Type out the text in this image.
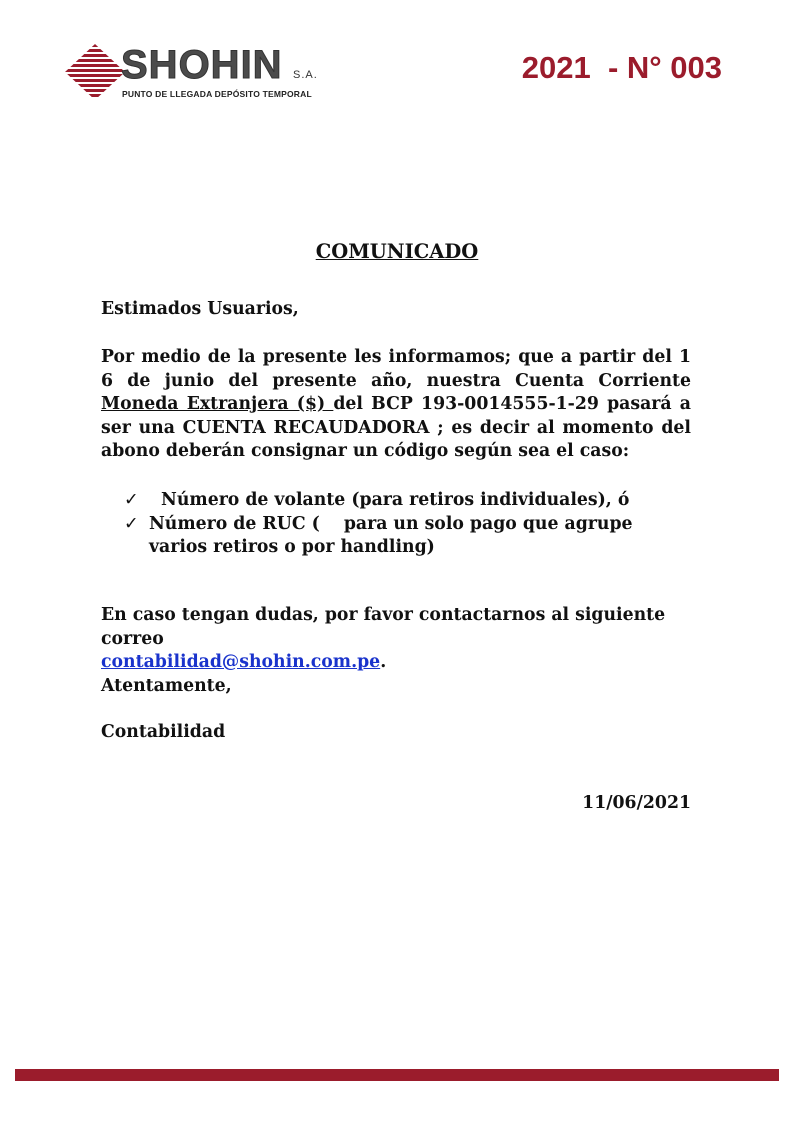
SHOHIN S.A.
PUNTO DE LLEGADA DEPÓSITO TEMPORAL
2021  - N° 003
COMUNICADO
Estimados Usuarios,
Por medio de la presente les informamos; que a partir del 1 6 de junio del presente año, nuestra Cuenta Corriente Moneda Extranjera ($) del BCP 193-0014555-1-29 pasará a ser una CUENTA RECAUDADORA ; es decir al momento del abono deberán consignar un código según sea el caso:
✓ Número de volante (para retiros individuales), ó
✓ Número de RUC (    para un solo pago que agrupe          varios retiros o por handling)
En caso tengan dudas, por favor contactarnos al siguiente correo
contabilidad@shohin.com.pe.
Atentamente,
Contabilidad
11/06/2021
